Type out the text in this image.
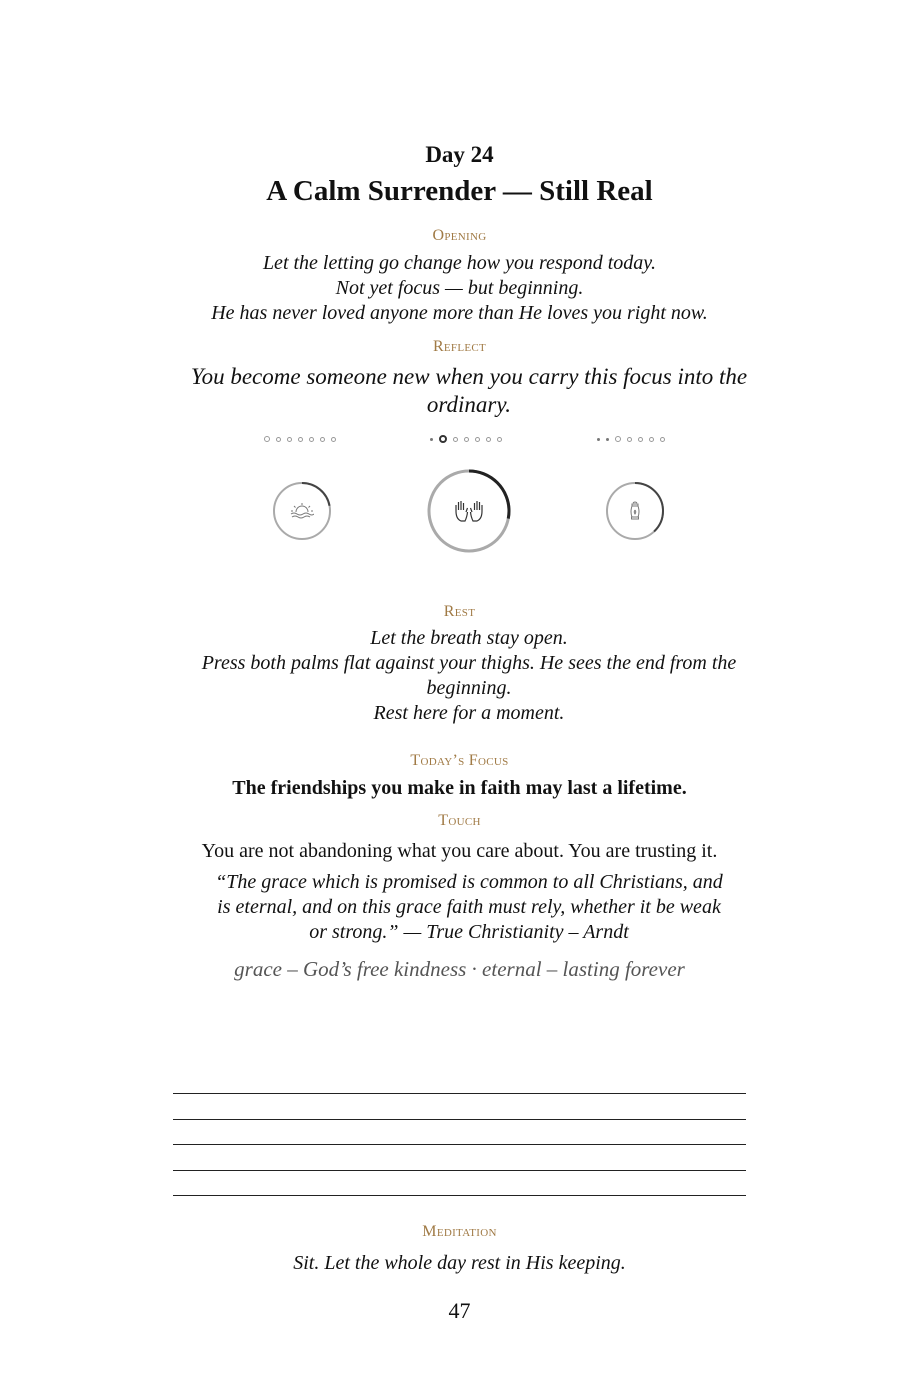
Day 24
A Calm Surrender — Still Real
Opening
Let the letting go change how you respond today.
Not yet focus — but beginning.
He has never loved anyone more than He loves you right now.
Reflect
You become someone new when you carry this focus into the ordinary.
Rest
Let the breath stay open.
Press both palms flat against your thighs. He sees the end from the beginning.
Rest here for a moment.
Today’s Focus
The friendships you make in faith may last a lifetime.
Touch
You are not abandoning what you care about. You are trusting it.
“The grace which is promised is common to all Christians, and is eternal, and on this grace faith must rely, whether it be weak or strong.” — True Christianity – Arndt
grace – God’s free kindness · eternal – lasting forever
Meditation
Sit. Let the whole day rest in His keeping.
47
